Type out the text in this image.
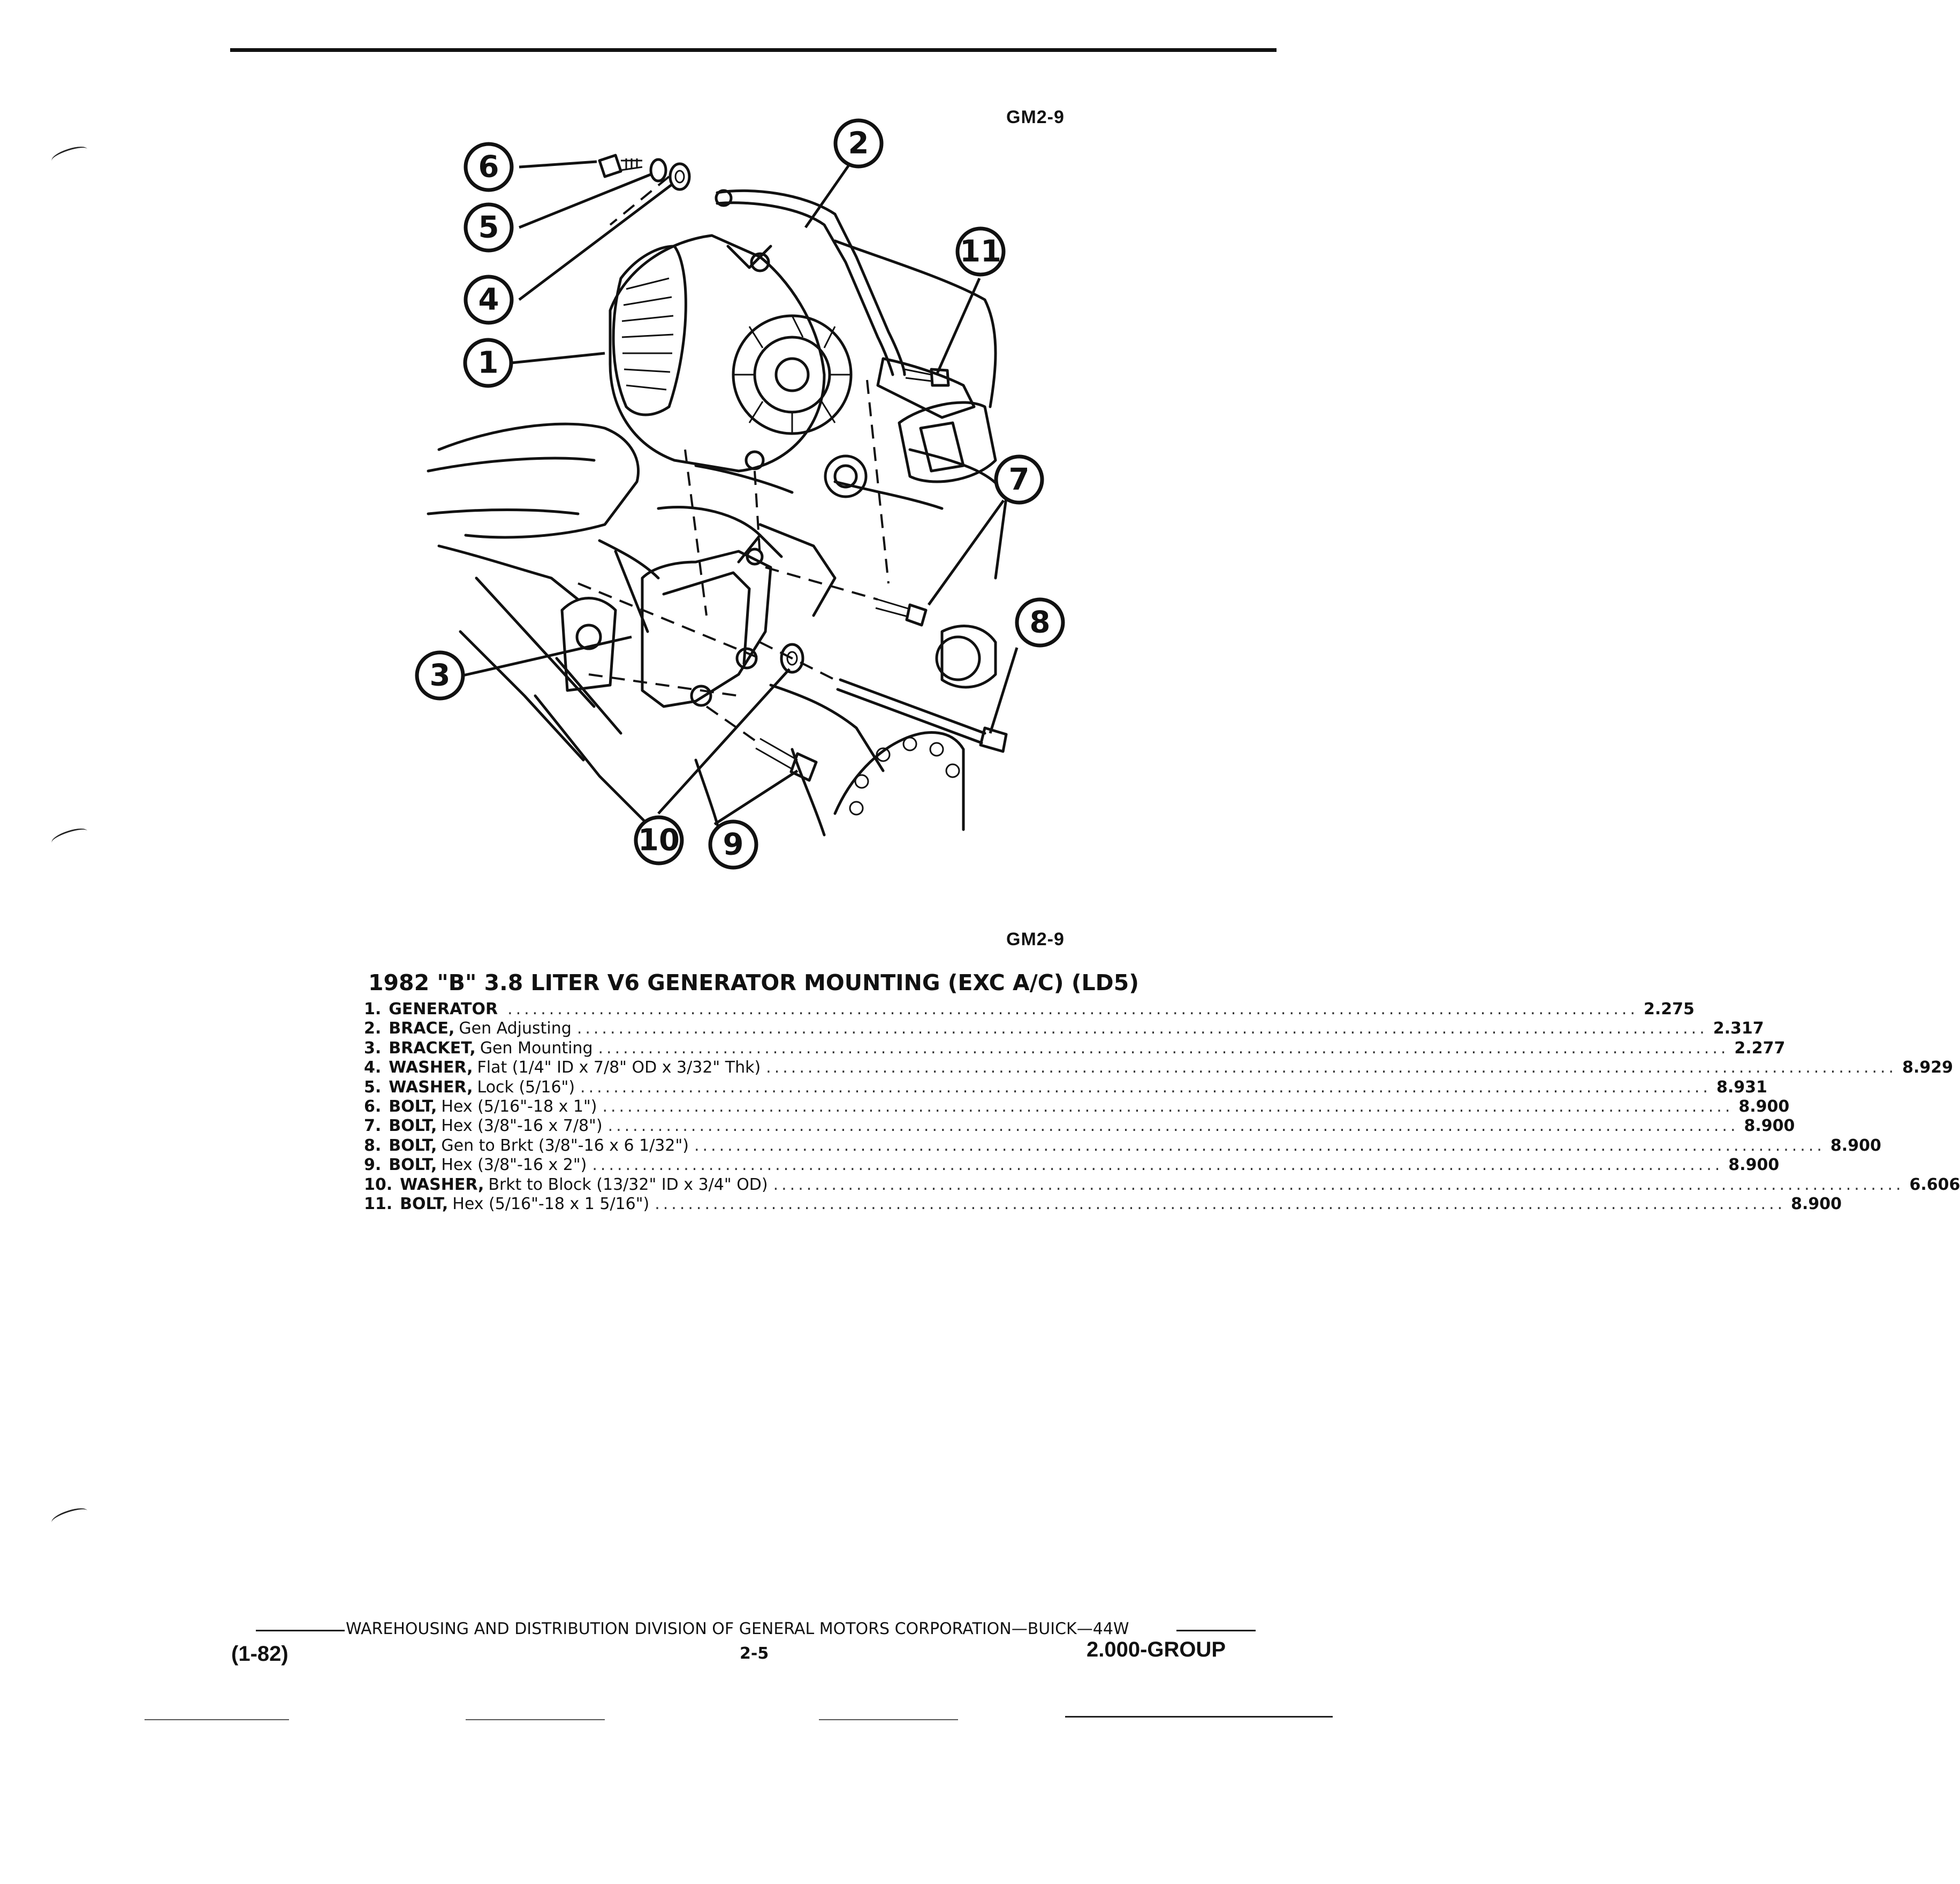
GM2-9
1
2
3
4
5
6
7
8
9
10
11
GM2-9
1982 "B" 3.8 LITER V6 GENERATOR MOUNTING (EXC A/C) (LD5)
1. GENERATOR ........................................................................................................................................ 2.275
2. BRACE, Gen Adjusting ........................................................................................................................................ 2.317
3. BRACKET, Gen Mounting ........................................................................................................................................ 2.277
4. WASHER, Flat (1/4" ID x 7/8" OD x 3/32" Thk) ........................................................................................................................................ 8.929
5. WASHER, Lock (5/16") ........................................................................................................................................ 8.931
6. BOLT, Hex (5/16"-18 x 1") ........................................................................................................................................ 8.900
7. BOLT, Hex (3/8"-16 x 7/8") ........................................................................................................................................ 8.900
8. BOLT, Gen to Brkt (3/8"-16 x 6 1/32") ........................................................................................................................................ 8.900
9. BOLT, Hex (3/8"-16 x 2") ........................................................................................................................................ 8.900
10. WASHER, Brkt to Block (13/32" ID x 3/4" OD) ........................................................................................................................................ 6.606
11. BOLT, Hex (5/16"-18 x 1 5/16") ........................................................................................................................................ 8.900
WAREHOUSING AND DISTRIBUTION DIVISION OF GENERAL MOTORS CORPORATION—BUICK—44W
(1-82)	2-5	2.000-GROUP
